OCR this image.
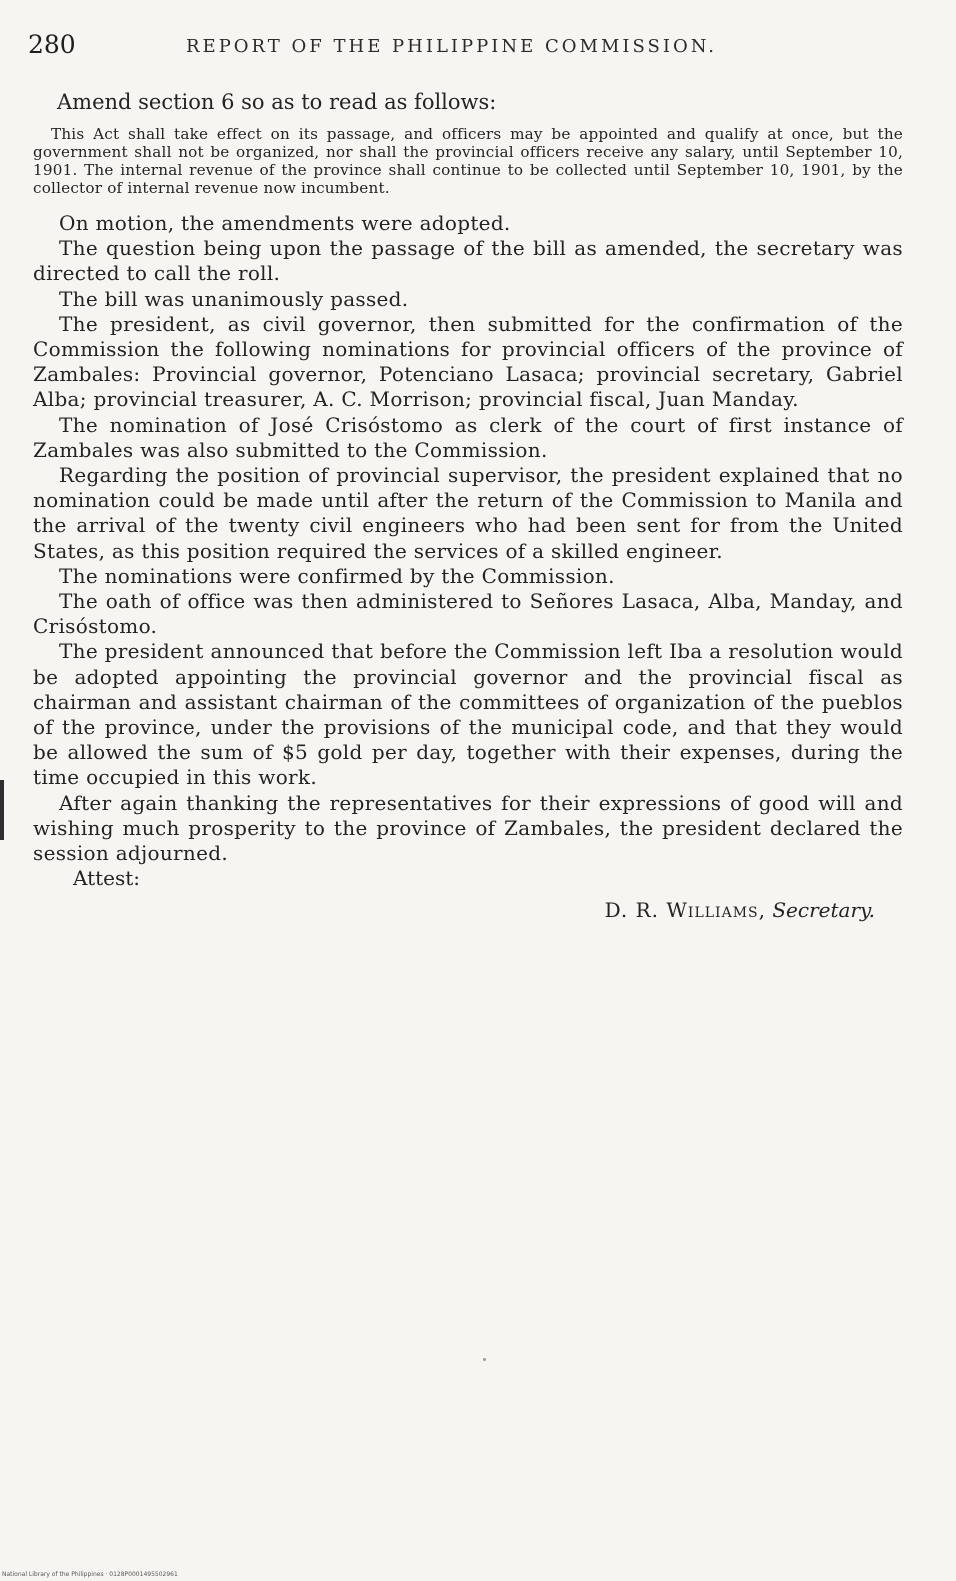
280	REPORT OF THE PHILIPPINE COMMISSION.

Amend section 6 so as to read as follows:

This Act shall take effect on its passage, and officers may be appointed and qualify at once, but the government shall not be organized, nor shall the provincial officers receive any salary, until September 10, 1901. The internal revenue of the province shall continue to be collected until September 10, 1901, by the collector of internal revenue now incumbent.

On motion, the amendments were adopted.

The question being upon the passage of the bill as amended, the secretary was directed to call the roll.

The bill was unanimously passed.

The president, as civil governor, then submitted for the confirmation of the Commission the following nominations for provincial officers of the province of Zambales: Provincial governor, Potenciano Lasaca; provincial secretary, Gabriel Alba; provincial treasurer, A. C. Morrison; provincial fiscal, Juan Manday.

The nomination of José Crisóstomo as clerk of the court of first instance of Zambales was also submitted to the Commission.

Regarding the position of provincial supervisor, the president explained that no nomination could be made until after the return of the Commission to Manila and the arrival of the twenty civil engineers who had been sent for from the United States, as this position required the services of a skilled engineer.

The nominations were confirmed by the Commission.

The oath of office was then administered to Señores Lasaca, Alba, Manday, and Crisóstomo.

The president announced that before the Commission left Iba a resolution would be adopted appointing the provincial governor and the provincial fiscal as chairman and assistant chairman of the committees of organization of the pueblos of the province, under the provisions of the municipal code, and that they would be allowed the sum of $5 gold per day, together with their expenses, during the time occupied in this work.

After again thanking the representatives for their expressions of good will and wishing much prosperity to the province of Zambales, the president declared the session adjourned.

Attest:

D. R. Williams, Secretary.

National Library of the Philippines · 0128P0001495502961
